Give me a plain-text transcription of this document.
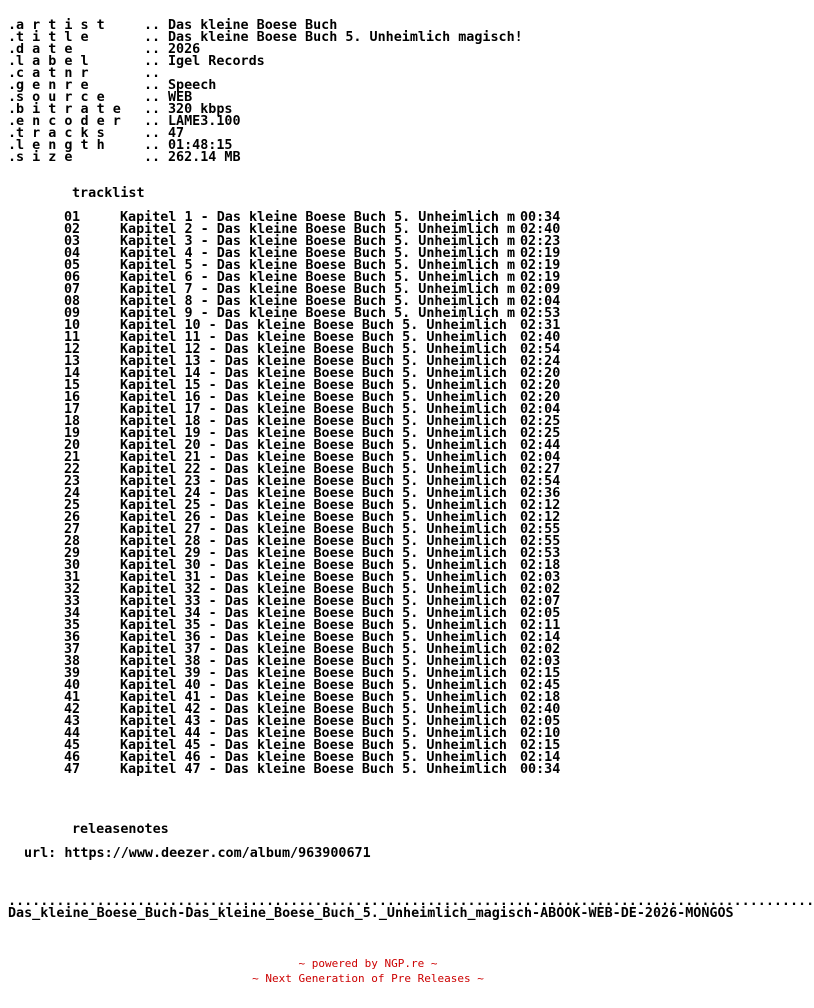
.a r t i s t	.. Das kleine Boese Buch
.t i t l e	.. Das kleine Boese Buch 5. Unheimlich magisch!
.d a t e	.. 2026
.l a b e l	.. Igel Records
.c a t n r	..
.g e n r e	.. Speech
.s o u r c e	.. WEB
.b i t r a t e .. 320 kbps
.e n c o d e r .. LAME3.100
.t r a c k s	.. 47
.l e n g t h	.. 01:48:15
.s i z e	.. 262.14 MB
tracklist
01	Kapitel 1 - Das kleine Boese Buch 5. Unheimlich m 00:34
02	Kapitel 2 - Das kleine Boese Buch 5. Unheimlich m 02:40
03	Kapitel 3 - Das kleine Boese Buch 5. Unheimlich m 02:23
04	Kapitel 4 - Das kleine Boese Buch 5. Unheimlich m 02:19
05	Kapitel 5 - Das kleine Boese Buch 5. Unheimlich m 02:19
06	Kapitel 6 - Das kleine Boese Buch 5. Unheimlich m 02:19
07	Kapitel 7 - Das kleine Boese Buch 5. Unheimlich m 02:09
08	Kapitel 8 - Das kleine Boese Buch 5. Unheimlich m 02:04
09	Kapitel 9 - Das kleine Boese Buch 5. Unheimlich m 02:53
10	Kapitel 10 - Das kleine Boese Buch 5. Unheimlich 02:31
11	Kapitel 11 - Das kleine Boese Buch 5. Unheimlich 02:40
12	Kapitel 12 - Das kleine Boese Buch 5. Unheimlich 02:54
13	Kapitel 13 - Das kleine Boese Buch 5. Unheimlich 02:24
14	Kapitel 14 - Das kleine Boese Buch 5. Unheimlich 02:20
15	Kapitel 15 - Das kleine Boese Buch 5. Unheimlich 02:20
16	Kapitel 16 - Das kleine Boese Buch 5. Unheimlich 02:20
17	Kapitel 17 - Das kleine Boese Buch 5. Unheimlich 02:04
18	Kapitel 18 - Das kleine Boese Buch 5. Unheimlich 02:25
19	Kapitel 19 - Das kleine Boese Buch 5. Unheimlich 02:25
20	Kapitel 20 - Das kleine Boese Buch 5. Unheimlich 02:44
21	Kapitel 21 - Das kleine Boese Buch 5. Unheimlich 02:04
22	Kapitel 22 - Das kleine Boese Buch 5. Unheimlich 02:27
23	Kapitel 23 - Das kleine Boese Buch 5. Unheimlich 02:54
24	Kapitel 24 - Das kleine Boese Buch 5. Unheimlich 02:36
25	Kapitel 25 - Das kleine Boese Buch 5. Unheimlich 02:12
26	Kapitel 26 - Das kleine Boese Buch 5. Unheimlich 02:12
27	Kapitel 27 - Das kleine Boese Buch 5. Unheimlich 02:55
28	Kapitel 28 - Das kleine Boese Buch 5. Unheimlich 02:55
29	Kapitel 29 - Das kleine Boese Buch 5. Unheimlich 02:53
30	Kapitel 30 - Das kleine Boese Buch 5. Unheimlich 02:18
31	Kapitel 31 - Das kleine Boese Buch 5. Unheimlich 02:03
32	Kapitel 32 - Das kleine Boese Buch 5. Unheimlich 02:02
33	Kapitel 33 - Das kleine Boese Buch 5. Unheimlich 02:07
34	Kapitel 34 - Das kleine Boese Buch 5. Unheimlich 02:05
35	Kapitel 35 - Das kleine Boese Buch 5. Unheimlich 02:11
36	Kapitel 36 - Das kleine Boese Buch 5. Unheimlich 02:14
37	Kapitel 37 - Das kleine Boese Buch 5. Unheimlich 02:02
38	Kapitel 38 - Das kleine Boese Buch 5. Unheimlich 02:03
39	Kapitel 39 - Das kleine Boese Buch 5. Unheimlich 02:15
40	Kapitel 40 - Das kleine Boese Buch 5. Unheimlich 02:45
41	Kapitel 41 - Das kleine Boese Buch 5. Unheimlich 02:18
42	Kapitel 42 - Das kleine Boese Buch 5. Unheimlich 02:40
43	Kapitel 43 - Das kleine Boese Buch 5. Unheimlich 02:05
44	Kapitel 44 - Das kleine Boese Buch 5. Unheimlich 02:10
45	Kapitel 45 - Das kleine Boese Buch 5. Unheimlich 02:15
46	Kapitel 46 - Das kleine Boese Buch 5. Unheimlich 02:14
47	Kapitel 47 - Das kleine Boese Buch 5. Unheimlich 00:34
releasenotes
url: https://www.deezer.com/album/963900671
....................................................................................................
Das_kleine_Boese_Buch-Das_kleine_Boese_Buch_5._Unheimlich_magisch-ABOOK-WEB-DE-2026-MONGOS
~ powered by NGP.re ~
~ Next Generation of Pre Releases ~
